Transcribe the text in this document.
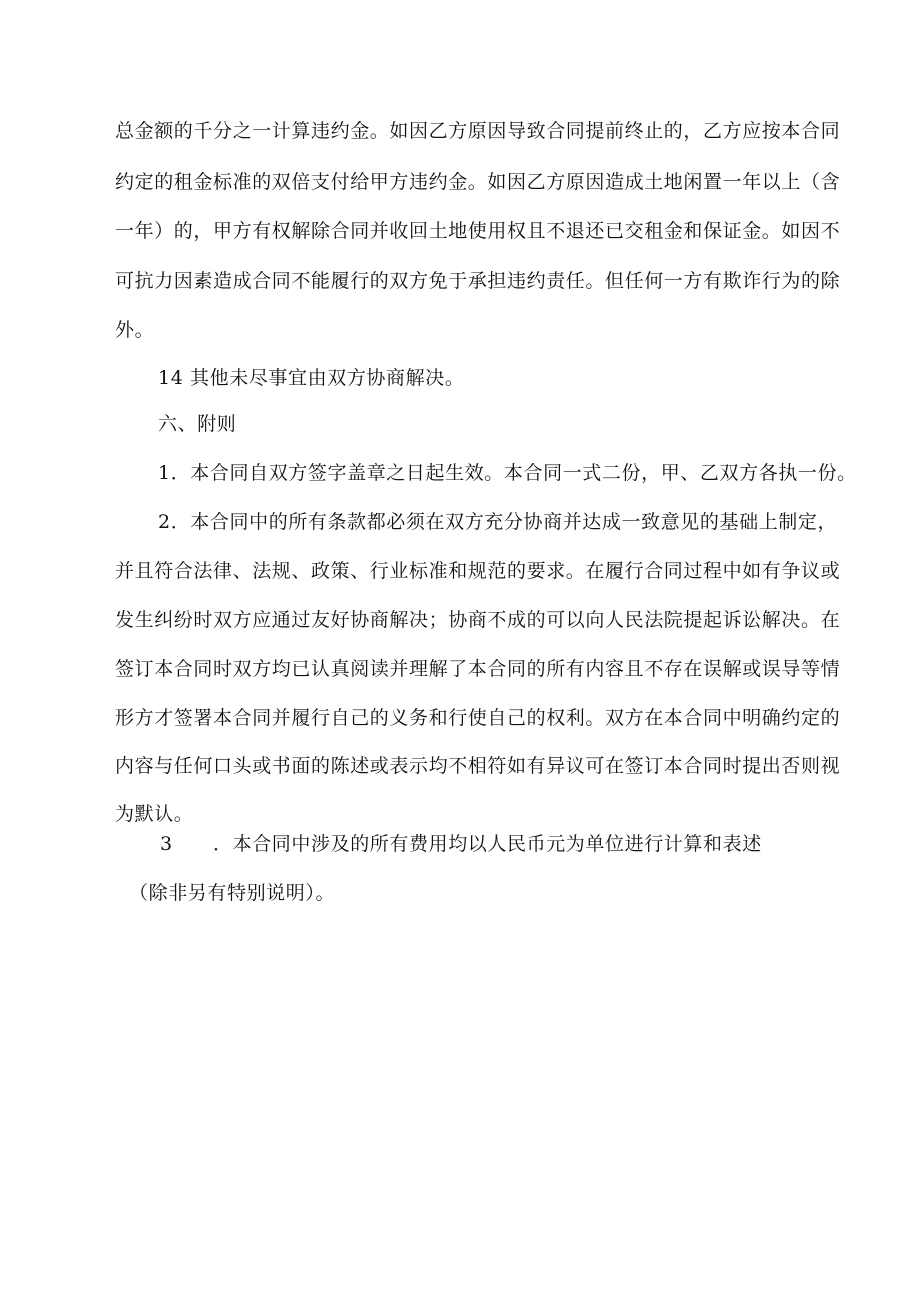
总金额的千分之一计算违约金。如因乙方原因导致合同提前终止的，乙方应按本合同
约定的租金标准的双倍支付给甲方违约金。如因乙方原因造成土地闲置一年以上（含
一年）的，甲方有权解除合同并收回土地使用权且不退还已交租金和保证金。如因不
可抗力因素造成合同不能履行的双方免于承担违约责任。但任何一方有欺诈行为的除
外。
14 其他未尽事宜由双方协商解决。
六、附则
1．本合同自双方签字盖章之日起生效。本合同一式二份，甲、乙双方各执一份。
2．本合同中的所有条款都必须在双方充分协商并达成一致意见的基础上制定，
并且符合法律、法规、政策、行业标准和规范的要求。在履行合同过程中如有争议或
发生纠纷时双方应通过友好协商解决；协商不成的可以向人民法院提起诉讼解决。在
签订本合同时双方均已认真阅读并理解了本合同的所有内容且不存在误解或误导等情
形方才签署本合同并履行自己的义务和行使自己的权利。双方在本合同中明确约定的
内容与任何口头或书面的陈述或表示均不相符如有异议可在签订本合同时提出否则视
为默认。
3 ．本合同中涉及的所有费用均以人民币元为单位进行计算和表述
（除非另有特别说明）。
